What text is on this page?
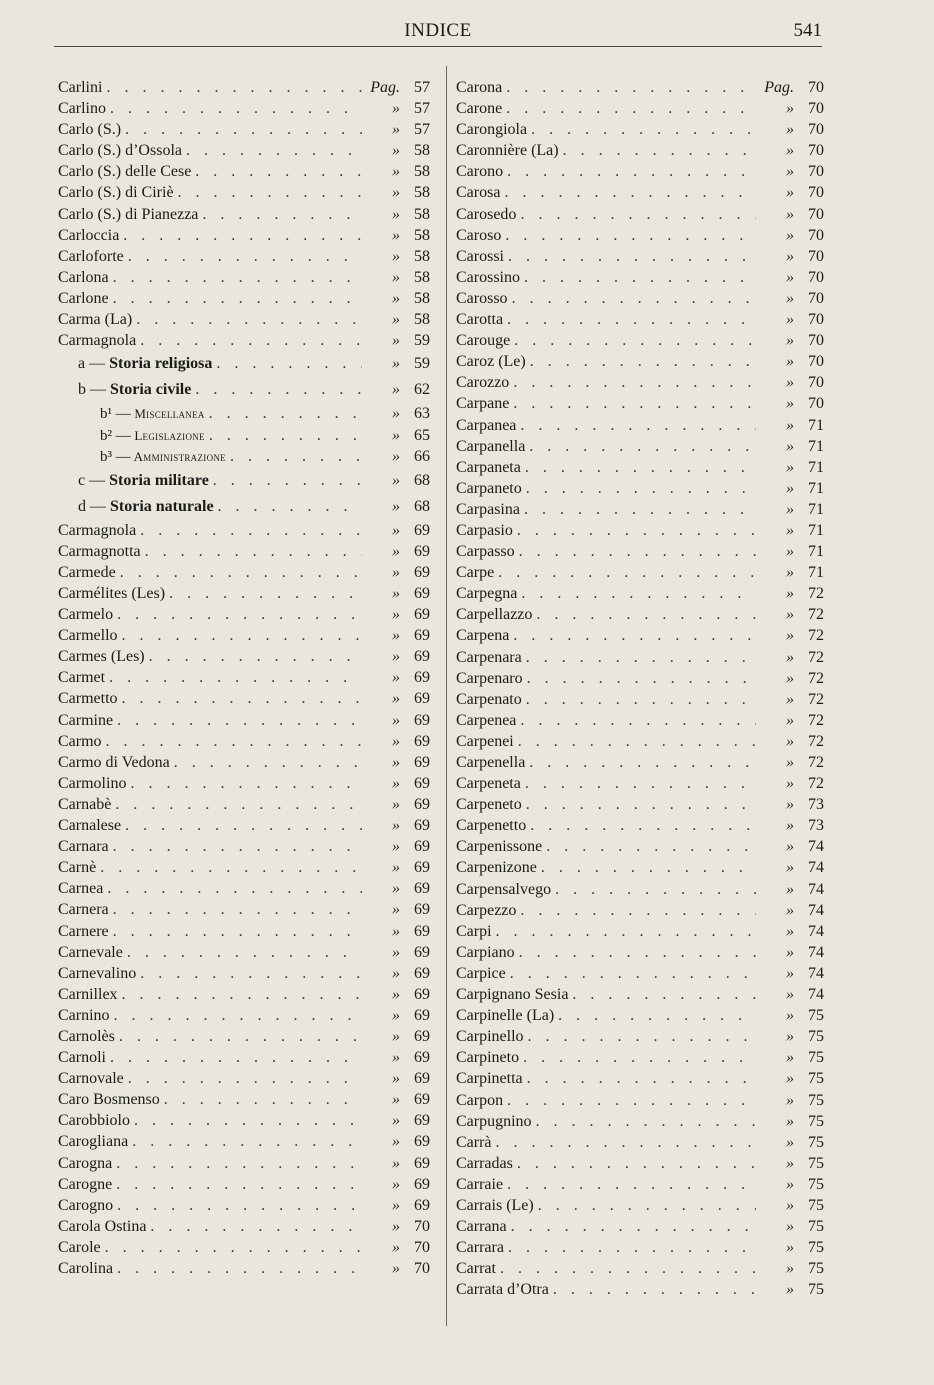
INDICE	541
Carlini . . .	Pag. 57
Carlino . . .	» 57
Carlo (S.) . . .	» 57
Carlo (S.) d’Ossola . . .	» 58
Carlo (S.) delle Cese . . .	» 58
Carlo (S.) di Ciriè . . .	» 58
Carlo (S.) di Pianezza . . .	» 58
Carloccia . . .	» 58
Carloforte . . .	» 58
Carlona . . .	» 58
Carlone . . .	» 58
Carma (La) . . .	» 58
Carmagnola . . .	» 59
a — Storia religiosa . . .	» 59
b — Storia civile . . .	» 62
b¹ — Miscellanea . . .	» 63
b² — Legislazione . . .	» 65
b³ — Amministrazione . . .	» 66
c — Storia militare . . .	» 68
d — Storia naturale . . .	» 68
Carmagnola . . .	» 69
Carmagnotta . . .	» 69
Carmede . . .	» 69
Carmélites (Les) . . .	» 69
Carmelo . . .	» 69
Carmello . . .	» 69
Carmes (Les) . . .	» 69
Carmet . . .	» 69
Carmetto . . .	» 69
Carmine . . .	» 69
Carmo . . .	» 69
Carmo di Vedona . . .	» 69
Carmolino . . .	» 69
Carnabè . . .	» 69
Carnalese . . .	» 69
Carnara . . .	» 69
Carnè . . .	» 69
Carnea . . .	» 69
Carnera . . .	» 69
Carnere . . .	» 69
Carnevale . . .	» 69
Carnevalino . . .	» 69
Carnillex . . .	» 69
Carnino . . .	» 69
Carnolès . . .	» 69
Carnoli . . .	» 69
Carnovale . . .	» 69
Caro Bosmenso . . .	» 69
Carobbiolo . . .	» 69
Carogliana . . .	» 69
Carogna . . .	» 69
Carogne . . .	» 69
Carogno . . .	» 69
Carola Ostina . . .	» 70
Carole . . .	» 70
Carolina . . .	» 70
Carona . . .	Pag. 70
Carone . . .	» 70
Carongiola . . .	» 70
Caronnière (La) . . .	» 70
Carono . . .	» 70
Carosa . . .	» 70
Carosedo . . .	» 70
Caroso . . .	» 70
Carossi . . .	» 70
Carossino . . .	» 70
Carosso . . .	» 70
Carotta . . .	» 70
Carouge . . .	» 70
Caroz (Le) . . .	» 70
Carozzo . . .	» 70
Carpane . . .	» 70
Carpanea . . .	» 71
Carpanella . . .	» 71
Carpaneta . . .	» 71
Carpaneto . . .	» 71
Carpasina . . .	» 71
Carpasio . . .	» 71
Carpasso . . .	» 71
Carpe . . .	» 71
Carpegna . . .	» 72
Carpellazzo . . .	» 72
Carpena . . .	» 72
Carpenara . . .	» 72
Carpenaro . . .	» 72
Carpenato . . .	» 72
Carpenea . . .	» 72
Carpenei . . .	» 72
Carpenella . . .	» 72
Carpeneta . . .	» 72
Carpeneto . . .	» 73
Carpenetto . . .	» 73
Carpenissone . . .	» 74
Carpenizone . . .	» 74
Carpensalvego . . .	» 74
Carpezzo . . .	» 74
Carpi . . .	» 74
Carpiano . . .	» 74
Carpice . . .	» 74
Carpignano Sesia . . .	» 74
Carpinelle (La) . . .	» 75
Carpinello . . .	» 75
Carpineto . . .	» 75
Carpinetta . . .	» 75
Carpon . . .	» 75
Carpugnino . . .	» 75
Carrà . . .	» 75
Carradas . . .	» 75
Carraie . . .	» 75
Carrais (Le) . . .	» 75
Carrana . . .	» 75
Carrara . . .	» 75
Carrat . . .	» 75
Carrata d’Otra . . .	» 75
